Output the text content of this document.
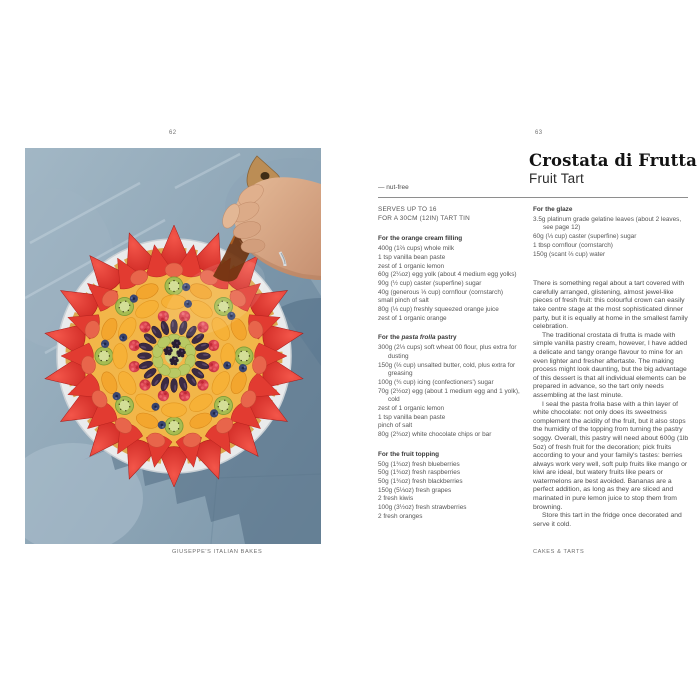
62
GIUSEPPE'S ITALIAN BAKES
63
— nut-free
Crostata di Frutta
Fruit Tart
SERVES UP TO 16
FOR A 30CM (12IN) TART TIN
For the orange cream filling
400g (1⅔ cups) whole milk
1 tsp vanilla bean paste
zest of 1 organic lemon
60g (2¼oz) egg yolk (about 4 medium egg yolks)
90g (½ cup) caster (superfine) sugar
40g (generous ⅓ cup) cornflour (cornstarch)
small pinch of salt
80g (⅓ cup) freshly squeezed orange juice
zest of 1 organic orange
For the pasta frolla pastry
300g (2⅓ cups) soft wheat 00 flour, plus extra for dusting
150g (⅔ cup) unsalted butter, cold, plus extra for greasing
100g (¾ cup) icing (confectioners') sugar
70g (2½oz) egg (about 1 medium egg and 1 yolk), cold
zest of 1 organic lemon
1 tsp vanilla bean paste
pinch of salt
80g (2¾oz) white chocolate chips or bar
For the fruit topping
50g (1¾oz) fresh blueberries
50g (1¾oz) fresh raspberries
50g (1¾oz) fresh blackberries
150g (5⅓oz) fresh grapes
2 fresh kiwis
100g (3½oz) fresh strawberries
2 fresh oranges
For the glaze
3.5g platinum grade gelatine leaves (about 2 leaves, see page 12)
60g (⅓ cup) caster (superfine) sugar
1 tbsp cornflour (cornstarch)
150g (scant ⅔ cup) water

There is something regal about a tart covered with carefully arranged, glistening, almost jewel-like pieces of fresh fruit: this colourful crown can easily take centre stage at the most sophisticated dinner party, but it is equally at home in the smallest family celebration.

The traditional crostata di frutta is made with simple vanilla pastry cream, however, I have added a delicate and tangy orange flavour to mine for an even lighter and fresher aftertaste. The making process might look daunting, but the big advantage of this dessert is that all individual elements can be prepared in advance, so the tart only needs assembling at the last minute.

I seal the pasta frolla base with a thin layer of white chocolate: not only does its sweetness complement the acidity of the fruit, but it also stops the humidity of the topping from turning the pastry soggy. Overall, this pastry will need about 600g (1lb 5oz) of fresh fruit for the decoration; pick fruits according to your and your family's tastes: berries always work very well, soft pulp fruits like mango or kiwi are ideal, but watery fruits like pears or watermelons are best avoided. Bananas are a perfect addition, as long as they are sliced and marinated in pure lemon juice to stop them from browning.

Store this tart in the fridge once decorated and serve it cold.

CAKES & TARTS
